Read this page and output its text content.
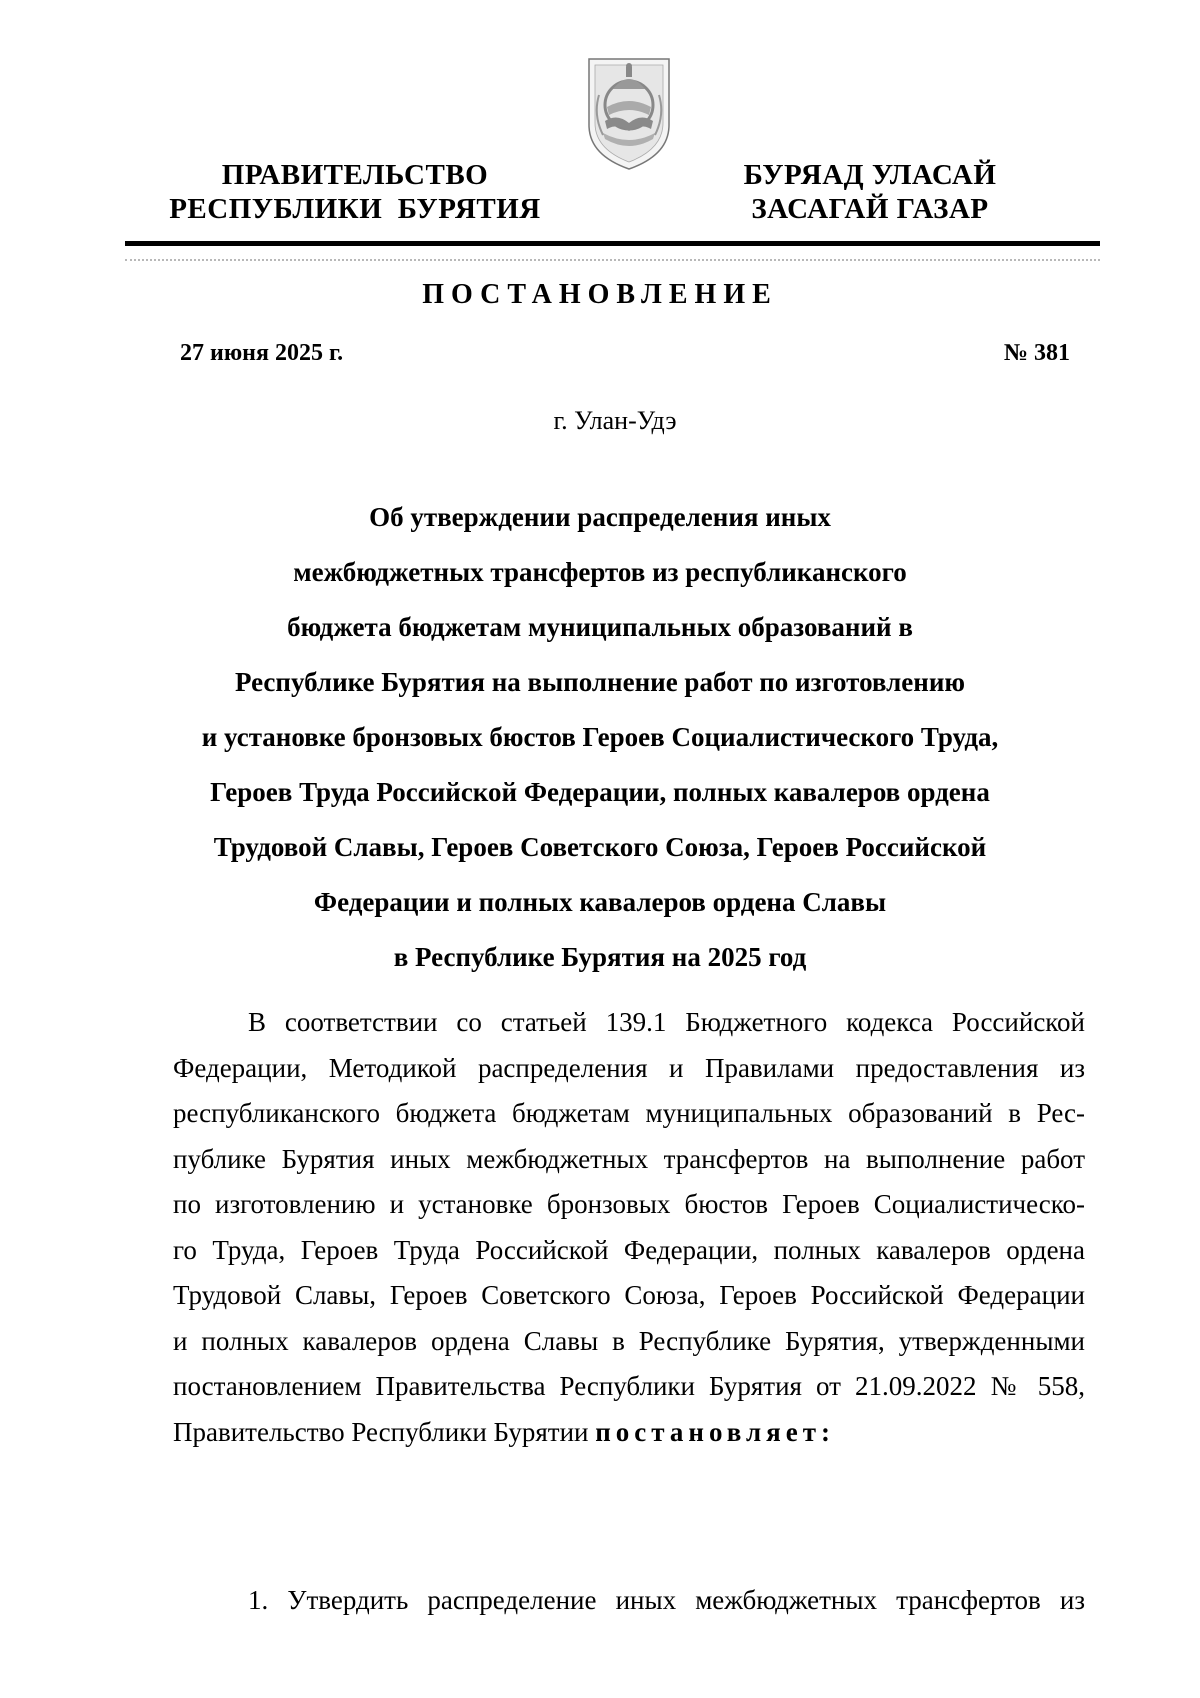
ПРАВИТЕЛЬСТВО
РЕСПУБЛИКИ  БУРЯТИЯ
БУРЯАД УЛАСАЙ
ЗАСАГАЙ ГАЗАР
ПОСТАНОВЛЕНИЕ
27 июня 2025 г.	№ 381
г. Улан-Удэ
Об утверждении распределения иных
межбюджетных трансфертов из республиканского
бюджета бюджетам муниципальных образований в
Республике Бурятия на выполнение работ по изготовлению
и установке бронзовых бюстов Героев Социалистического Труда,
Героев Труда Российской Федерации, полных кавалеров ордена
Трудовой Славы, Героев Советского Союза, Героев Российской
Федерации и полных кавалеров ордена Славы
в Республике Бурятия на 2025 год
В соответствии со статьей 139.1 Бюджетного кодекса Российской
Федерации, Методикой распределения и Правилами предоставления из
республиканского бюджета бюджетам муниципальных образований в Рес-
публике Бурятия иных межбюджетных трансфертов на выполнение работ
по изготовлению и установке бронзовых бюстов Героев Социалистическо-
го Труда, Героев Труда Российской Федерации, полных кавалеров ордена
Трудовой Славы, Героев Советского Союза, Героев Российской Федерации
и полных кавалеров ордена Славы в Республике Бурятия, утвержденными
постановлением Правительства Республики Бурятия от 21.09.2022 № 558,
Правительство Республики Бурятии постановляет:
1. Утвердить распределение иных межбюджетных трансфертов из
